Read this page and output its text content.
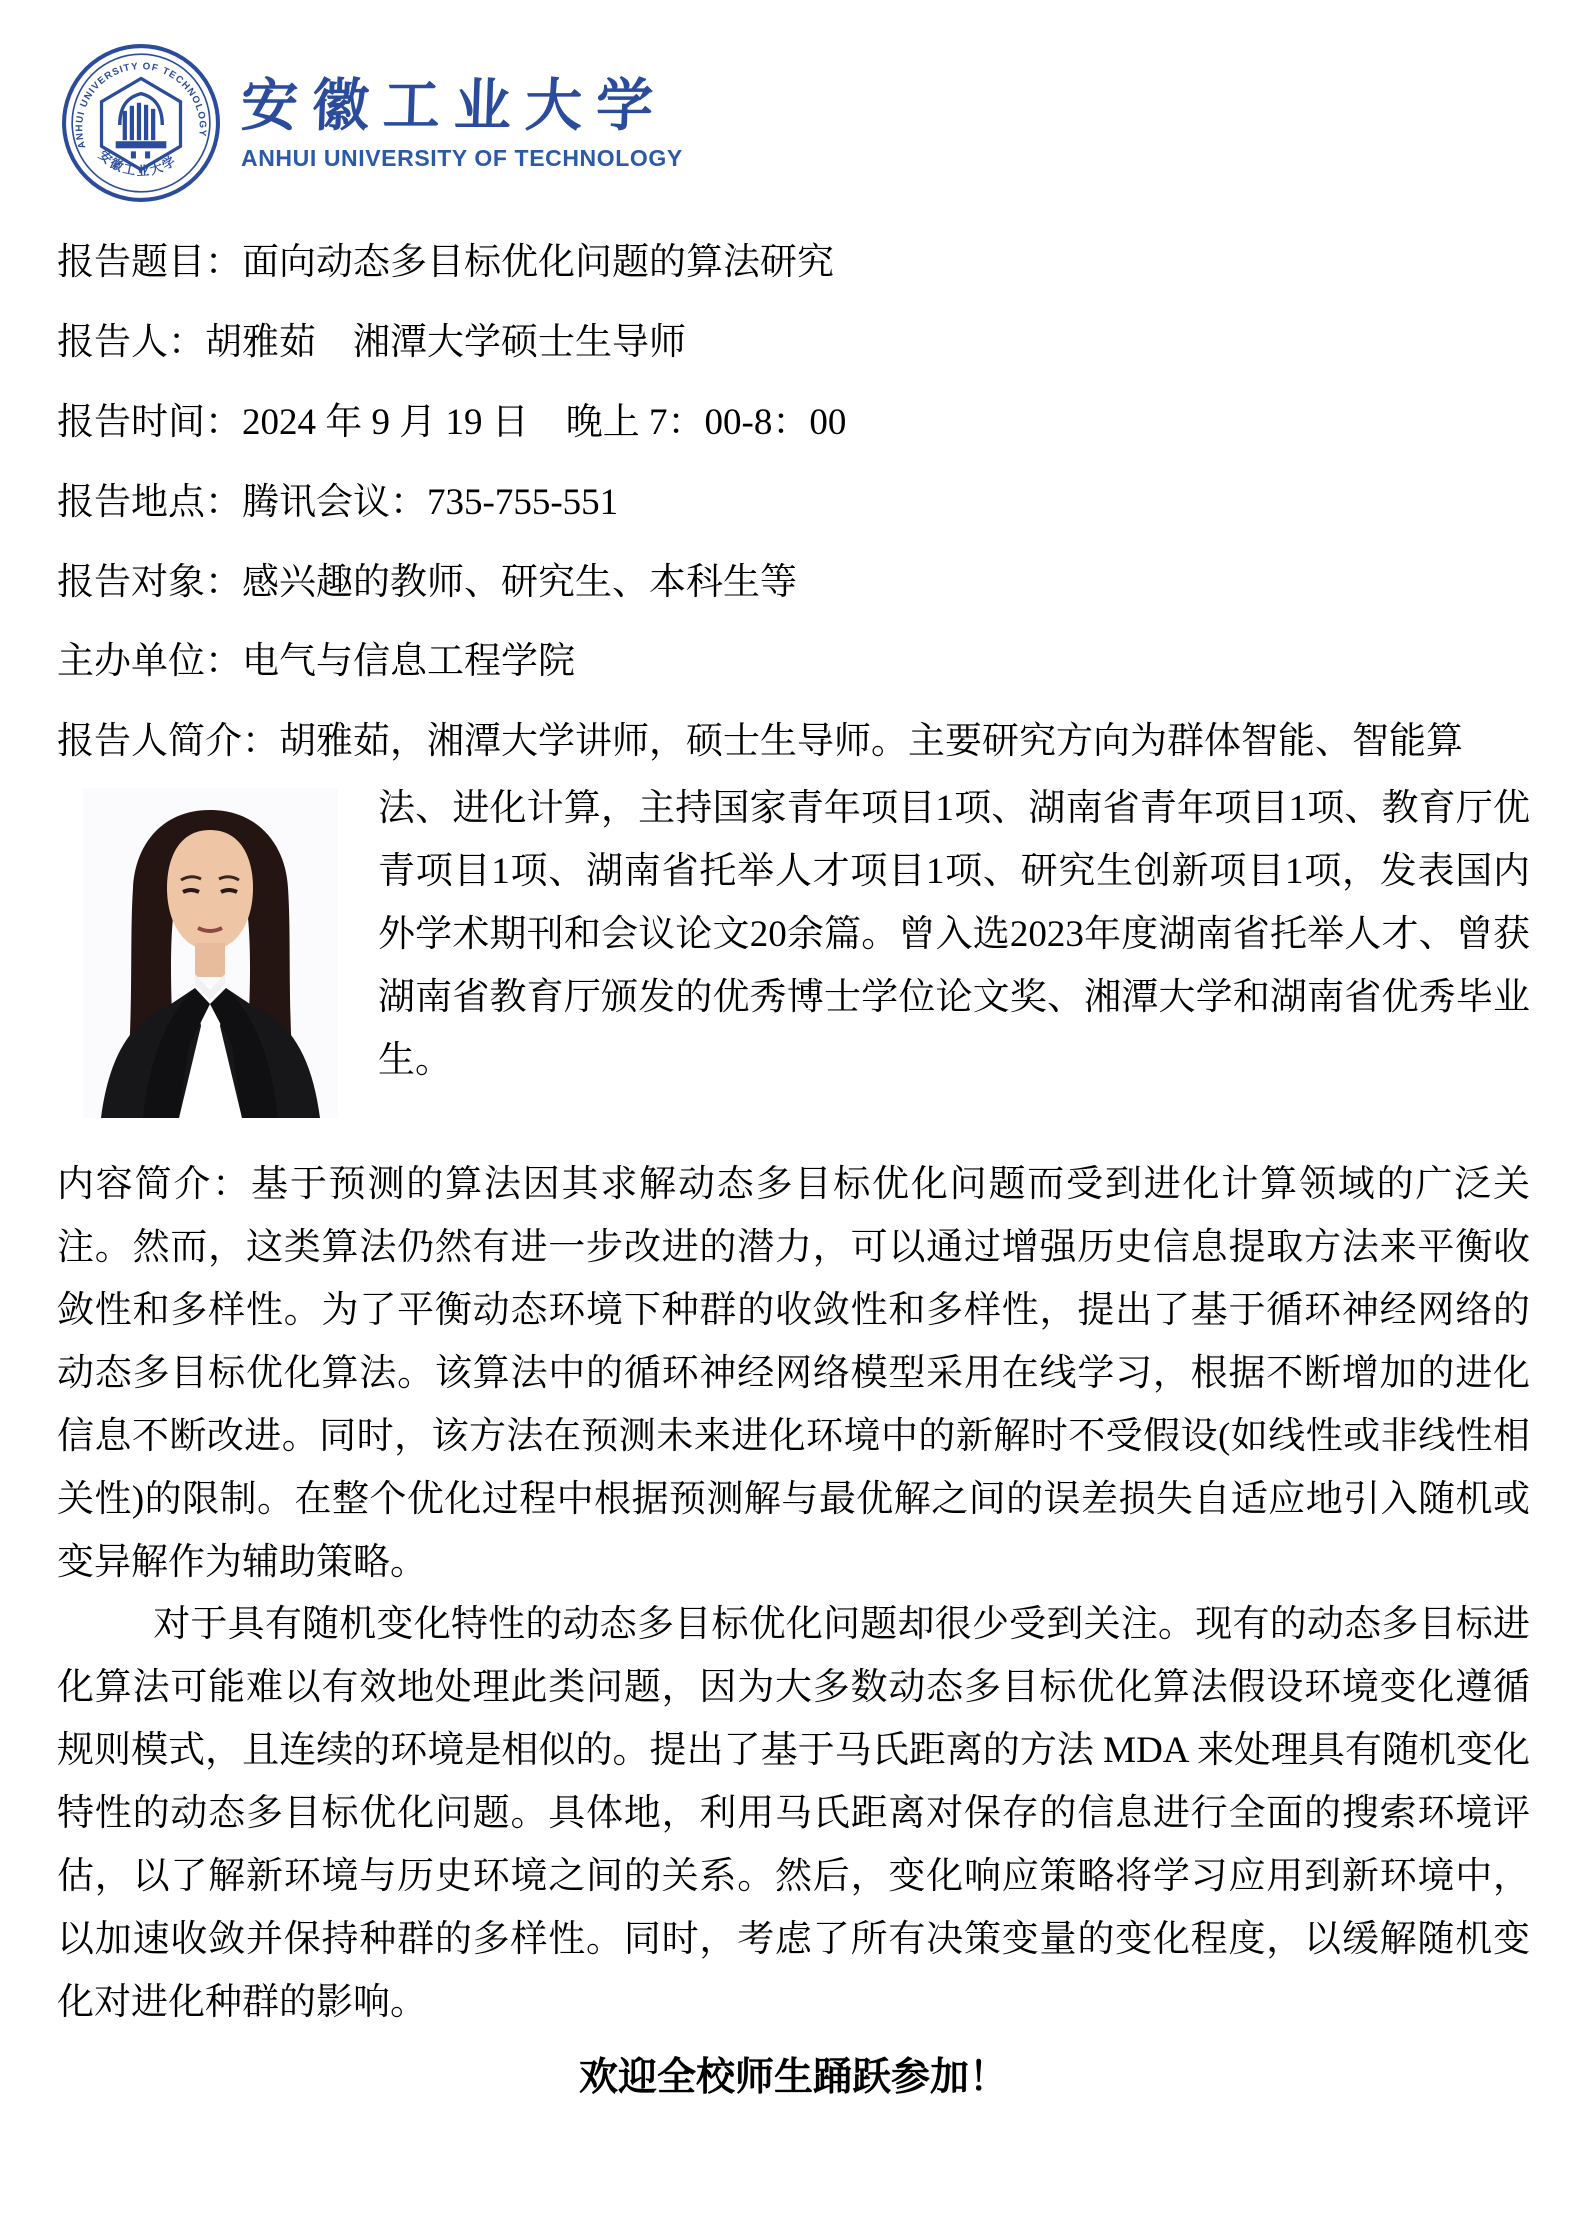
ANHUI UNIVERSITY OF TECHNOLOGY
安徽工业大学
安徽工业大学
ANHUI UNIVERSITY OF TECHNOLOGY
报告题目：面向动态多目标优化问题的算法研究
报告人：胡雅茹　湘潭大学硕士生导师
报告时间：2024 年 9 月 19 日　晚上 7：00-8：00
报告地点：腾讯会议：735-755-551
报告对象：感兴趣的教师、研究生、本科生等
主办单位：电气与信息工程学院
报告人简介：胡雅茹，湘潭大学讲师，硕士生导师。主要研究方向为群体智能、智能算

法、进化计算，主持国家青年项目1项、湖南省青年项目1项、教育厅优青项目1项、湖南省托举人才项目1项、研究生创新项目1项，发表国内外学术期刊和会议论文20余篇。曾入选2023年度湖南省托举人才、曾获湖南省教育厅颁发的优秀博士学位论文奖、湘潭大学和湖南省优秀毕业生。

内容简介：基于预测的算法因其求解动态多目标优化问题而受到进化计算领域的广泛关注。然而，这类算法仍然有进一步改进的潜力，可以通过增强历史信息提取方法来平衡收敛性和多样性。为了平衡动态环境下种群的收敛性和多样性，提出了基于循环神经网络的动态多目标优化算法。该算法中的循环神经网络模型采用在线学习，根据不断增加的进化信息不断改进。同时，该方法在预测未来进化环境中的新解时不受假设(如线性或非线性相关性)的限制。在整个优化过程中根据预测解与最优解之间的误差损失自适应地引入随机或变异解作为辅助策略。

对于具有随机变化特性的动态多目标优化问题却很少受到关注。现有的动态多目标进化算法可能难以有效地处理此类问题，因为大多数动态多目标优化算法假设环境变化遵循规则模式，且连续的环境是相似的。提出了基于马氏距离的方法 MDA 来处理具有随机变化特性的动态多目标优化问题。具体地，利用马氏距离对保存的信息进行全面的搜索环境评估，以了解新环境与历史环境之间的关系。然后，变化响应策略将学习应用到新环境中，以加速收敛并保持种群的多样性。同时，考虑了所有决策变量的变化程度，以缓解随机变化对进化种群的影响。

欢迎全校师生踊跃参加！
